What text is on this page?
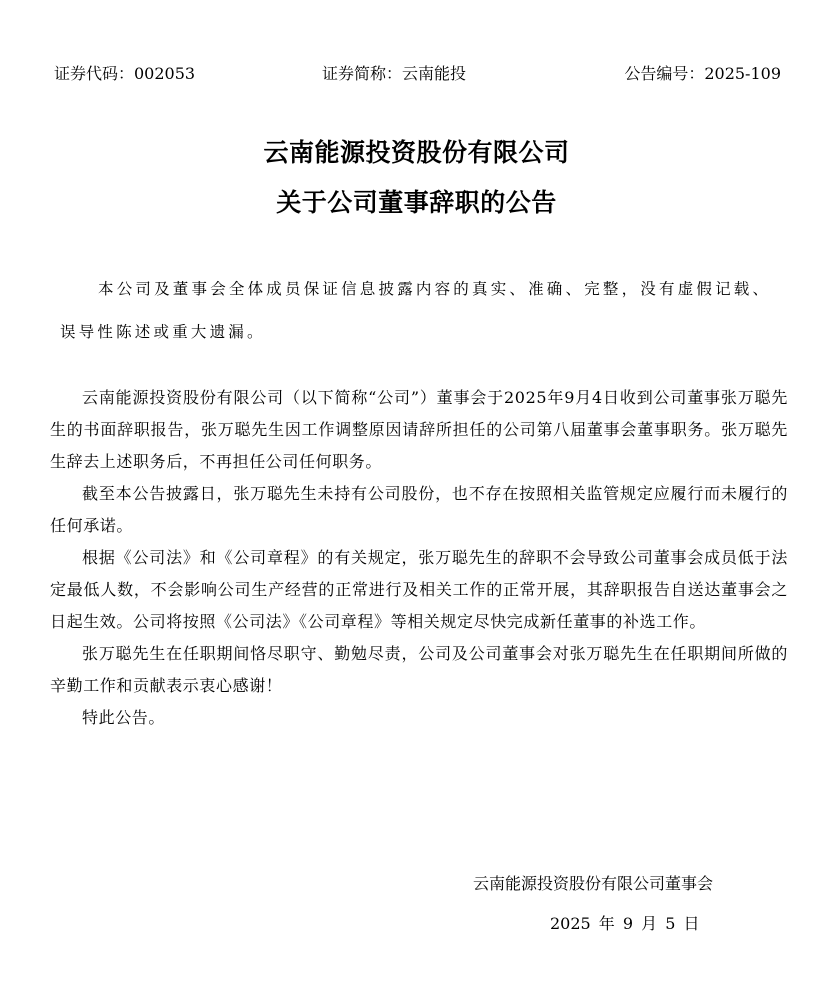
证券代码：002053	证券简称：云南能投	公告编号：2025-109
云南能源投资股份有限公司
关于公司董事辞职的公告
本公司及董事会全体成员保证信息披露内容的真实、准确、完整，没有虚假记载、误导性陈述或重大遗漏。

云南能源投资股份有限公司（以下简称“公司”）董事会于2025年9月4日收到公司董事张万聪先生的书面辞职报告，张万聪先生因工作调整原因请辞所担任的公司第八届董事会董事职务。张万聪先生辞去上述职务后，不再担任公司任何职务。

截至本公告披露日，张万聪先生未持有公司股份，也不存在按照相关监管规定应履行而未履行的任何承诺。

根据《公司法》和《公司章程》的有关规定，张万聪先生的辞职不会导致公司董事会成员低于法定最低人数，不会影响公司生产经营的正常进行及相关工作的正常开展，其辞职报告自送达董事会之日起生效。公司将按照《公司法》《公司章程》等相关规定尽快完成新任董事的补选工作。

张万聪先生在任职期间恪尽职守、勤勉尽责，公司及公司董事会对张万聪先生在任职期间所做的辛勤工作和贡献表示衷心感谢！

特此公告。

云南能源投资股份有限公司董事会
2025 年 9 月 5 日
